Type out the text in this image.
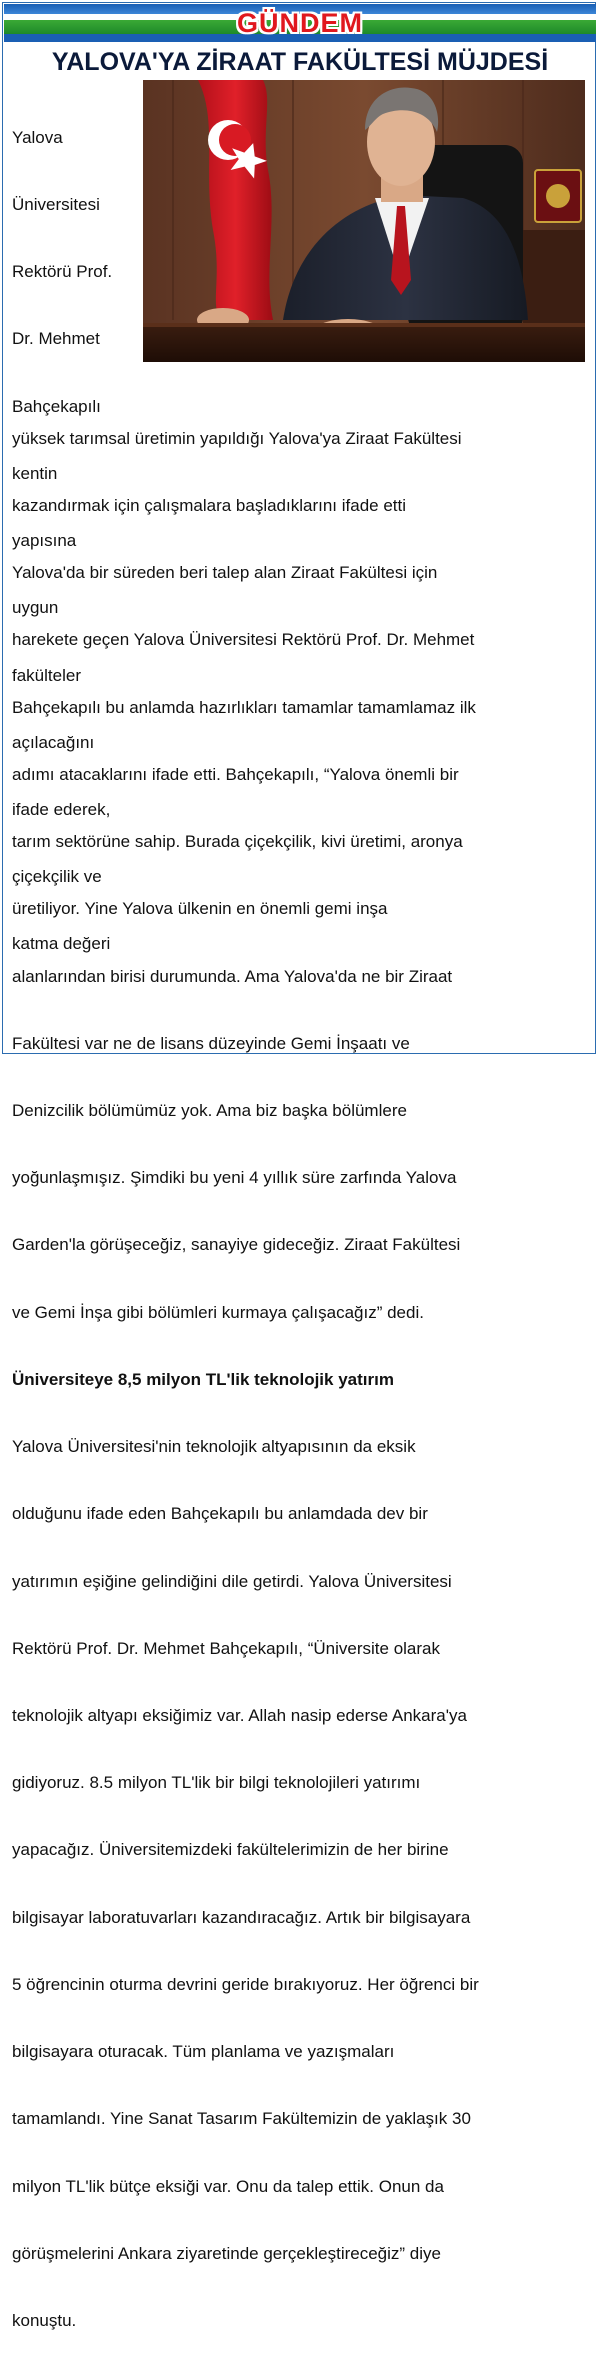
GÜNDEM
YALOVA'YA ZİRAAT FAKÜLTESİ MÜJDESİ

Yalova

Üniversitesi

Rektörü Prof.

Dr. Mehmet

Bahçekapılı

kentin

yapısına

uygun

fakülteler

açılacağını

ifade ederek,

çiçekçilik ve

katma değeri

yüksek tarımsal üretimin yapıldığı Yalova'ya Ziraat Fakültesi

kazandırmak için çalışmalara başladıklarını ifade etti

Yalova'da bir süreden beri talep alan Ziraat Fakültesi için

harekete geçen Yalova Üniversitesi Rektörü Prof. Dr. Mehmet

Bahçekapılı bu anlamda hazırlıkları tamamlar tamamlamaz ilk

adımı atacaklarını ifade etti. Bahçekapılı, “Yalova önemli bir

tarım sektörüne sahip. Burada çiçekçilik, kivi üretimi, aronya

üretiliyor. Yine Yalova ülkenin en önemli gemi inşa

alanlarından birisi durumunda. Ama Yalova'da ne bir Ziraat

Fakültesi var ne de lisans düzeyinde Gemi İnşaatı ve

Denizcilik bölümümüz yok. Ama biz başka bölümlere

yoğunlaşmışız. Şimdiki bu yeni 4 yıllık süre zarfında Yalova

Garden'la görüşeceğiz, sanayiye gideceğiz. Ziraat Fakültesi

ve Gemi İnşa gibi bölümleri kurmaya çalışacağız” dedi.

Üniversiteye 8,5 milyon TL'lik teknolojik yatırım

Yalova Üniversitesi'nin teknolojik altyapısının da eksik

olduğunu ifade eden Bahçekapılı bu anlamdada dev bir

yatırımın eşiğine gelindiğini dile getirdi. Yalova Üniversitesi

Rektörü Prof. Dr. Mehmet Bahçekapılı, “Üniversite olarak

teknolojik altyapı eksiğimiz var. Allah nasip ederse Ankara'ya

gidiyoruz. 8.5 milyon TL'lik bir bilgi teknolojileri yatırımı

yapacağız. Üniversitemizdeki fakültelerimizin de her birine

bilgisayar laboratuvarları kazandıracağız. Artık bir bilgisayara

5 öğrencinin oturma devrini geride bırakıyoruz. Her öğrenci bir

bilgisayara oturacak. Tüm planlama ve yazışmaları

tamamlandı. Yine Sanat Tasarım Fakültemizin de yaklaşık 30

milyon TL'lik bütçe eksiği var. Onu da talep ettik. Onun da

görüşmelerini Ankara ziyaretinde gerçekleştireceğiz” diye

konuştu.
